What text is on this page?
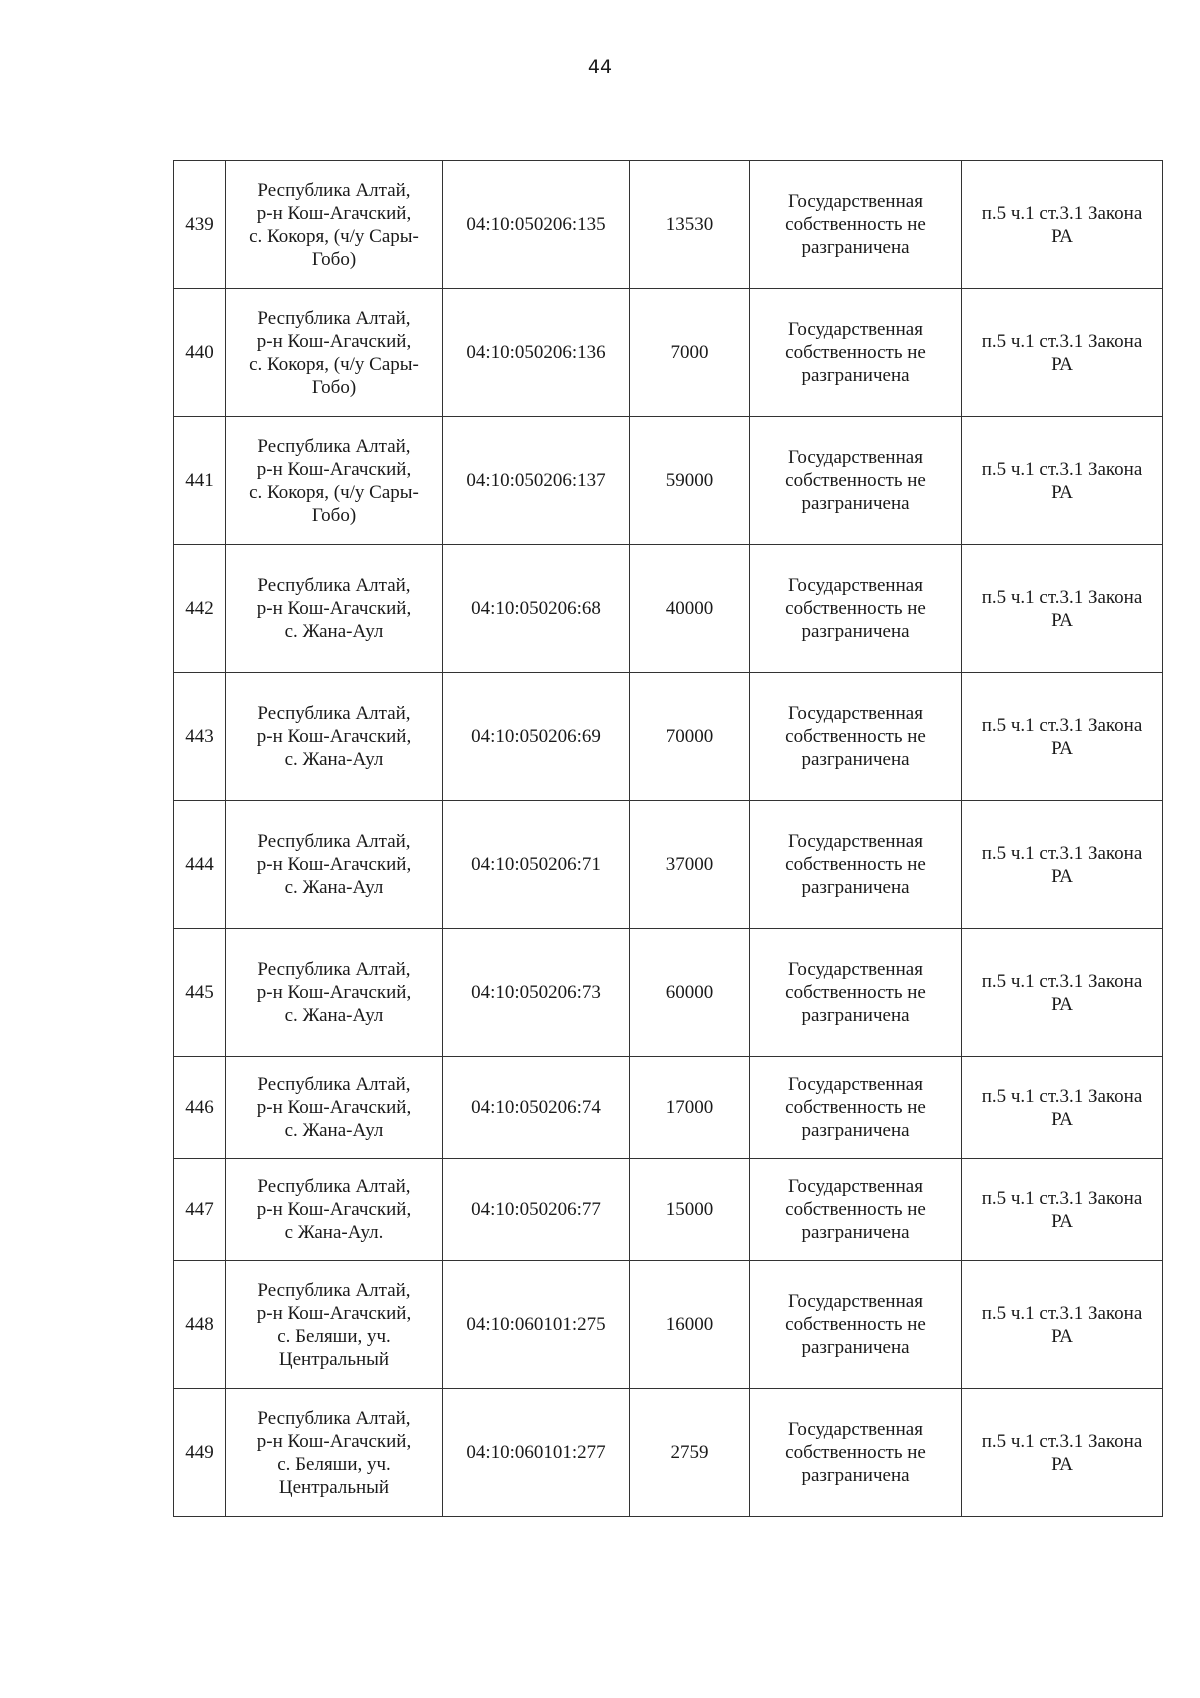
44
439	Республика Алтай,
р-н Кош-Агачский,
с. Кокоря, (ч/у Сары-
Гобо)	04:10:050206:135	13530	Государственная
собственность не
разграничена	п.5 ч.1 ст.3.1 Закона
РА
440	Республика Алтай,
р-н Кош-Агачский,
с. Кокоря, (ч/у Сары-
Гобо)	04:10:050206:136	7000	Государственная
собственность не
разграничена	п.5 ч.1 ст.3.1 Закона
РА
441	Республика Алтай,
р-н Кош-Агачский,
с. Кокоря, (ч/у Сары-
Гобо)	04:10:050206:137	59000	Государственная
собственность не
разграничена	п.5 ч.1 ст.3.1 Закона
РА
442	Республика Алтай,
р-н Кош-Агачский,
с. Жана-Аул	04:10:050206:68	40000	Государственная
собственность не
разграничена	п.5 ч.1 ст.3.1 Закона
РА
443	Республика Алтай,
р-н Кош-Агачский,
с. Жана-Аул	04:10:050206:69	70000	Государственная
собственность не
разграничена	п.5 ч.1 ст.3.1 Закона
РА
444	Республика Алтай,
р-н Кош-Агачский,
с. Жана-Аул	04:10:050206:71	37000	Государственная
собственность не
разграничена	п.5 ч.1 ст.3.1 Закона
РА
445	Республика Алтай,
р-н Кош-Агачский,
с. Жана-Аул	04:10:050206:73	60000	Государственная
собственность не
разграничена	п.5 ч.1 ст.3.1 Закона
РА
446	Республика Алтай,
р-н Кош-Агачский,
с. Жана-Аул	04:10:050206:74	17000	Государственная
собственность не
разграничена	п.5 ч.1 ст.3.1 Закона
РА
447	Республика Алтай,
р-н Кош-Агачский,
с Жана-Аул.	04:10:050206:77	15000	Государственная
собственность не
разграничена	п.5 ч.1 ст.3.1 Закона
РА
448	Республика Алтай,
р-н Кош-Агачский,
с. Беляши, уч.
Центральный	04:10:060101:275	16000	Государственная
собственность не
разграничена	п.5 ч.1 ст.3.1 Закона
РА
449	Республика Алтай,
р-н Кош-Агачский,
с. Беляши, уч.
Центральный	04:10:060101:277	2759	Государственная
собственность не
разграничена	п.5 ч.1 ст.3.1 Закона
РА
